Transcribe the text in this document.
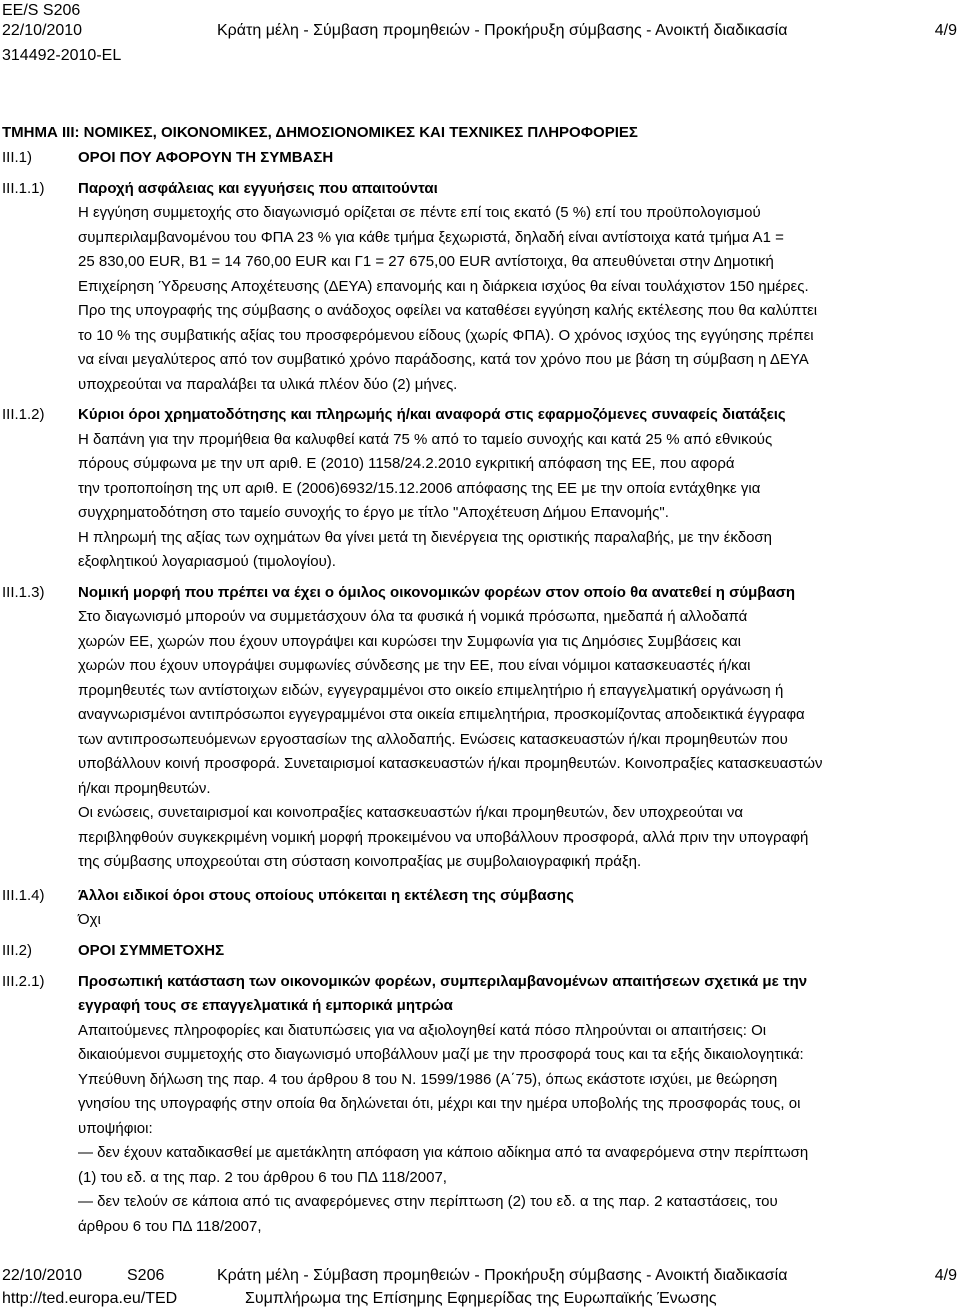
EE/S S206
22/10/2010	Κράτη μέλη - Σύμβαση προμηθειών - Προκήρυξη σύμβασης - Ανοικτή διαδικασία	4/9
314492-2010-EL
ΤΜΗΜΑ III: ΝΟΜΙΚΕΣ, ΟΙΚΟΝΟΜΙΚΕΣ, ΔΗΜΟΣΙΟΝΟΜΙΚΕΣ ΚΑΙ ΤΕΧΝΙΚΕΣ ΠΛΗΡΟΦΟΡΙΕΣ
III.1)	ΟΡΟΙ ΠΟΥ ΑΦΟΡΟΥΝ ΤΗ ΣΥΜΒΑΣΗ
III.1.1) Παροχή ασφάλειας και εγγυήσεις που απαιτούνται
Η εγγύηση συμμετοχής στο διαγωνισμό ορίζεται σε πέντε επί τοις εκατό (5 %) επί του προϋπολογισμού
συμπεριλαμβανομένου του ΦΠΑ 23 % για κάθε τμήμα ξεχωριστά, δηλαδή είναι αντίστοιχα κατά τμήμα Α1 =
25 830,00 EUR, Β1 = 14 760,00 EUR και Γ1 = 27 675,00 EUR αντίστοιχα, θα απευθύνεται στην Δημοτική
Επιχείρηση Ύδρευσης Αποχέτευσης (ΔΕΥΑ) επανομής και η διάρκεια ισχύος θα είναι τουλάχιστον 150 ημέρες.
Προ της υπογραφής της σύμβασης ο ανάδοχος οφείλει να καταθέσει εγγύηση καλής εκτέλεσης που θα καλύπτει
το 10 % της συμβατικής αξίας του προσφερόμενου είδους (χωρίς ΦΠΑ). Ο χρόνος ισχύος της εγγύησης πρέπει
να είναι μεγαλύτερος από τον συμβατικό χρόνο παράδοσης, κατά τον χρόνο που με βάση τη σύμβαση η ΔΕΥΑ
υποχρεούται να παραλάβει τα υλικά πλέον δύο (2) μήνες.
III.1.2) Κύριοι όροι χρηματοδότησης και πληρωμής ή/και αναφορά στις εφαρμοζόμενες συναφείς διατάξεις
Η δαπάνη για την προμήθεια θα καλυφθεί κατά 75 % από το ταμείο συνοχής και κατά 25 % από εθνικούς
πόρους σύμφωνα με την υπ αριθ. Ε (2010) 1158/24.2.2010 εγκριτική απόφαση της ΕΕ, που αφορά
την τροποποίηση της υπ αριθ. Ε (2006)6932/15.12.2006 απόφασης της ΕΕ με την οποία εντάχθηκε για
συγχρηματοδότηση στο ταμείο συνοχής το έργο με τίτλο "Αποχέτευση Δήμου Επανομής".
Η πληρωμή της αξίας των οχημάτων θα γίνει μετά τη διενέργεια της οριστικής παραλαβής, με την έκδοση
εξοφλητικού λογαριασμού (τιμολογίου).
III.1.3) Νομική μορφή που πρέπει να έχει ο όμιλος οικονομικών φορέων στον οποίο θα ανατεθεί η σύμβαση
Στο διαγωνισμό μπορούν να συμμετάσχουν όλα τα φυσικά ή νομικά πρόσωπα, ημεδαπά ή αλλοδαπά
χωρών ΕΕ, χωρών που έχουν υπογράψει και κυρώσει την Συμφωνία για τις Δημόσιες Συμβάσεις και
χωρών που έχουν υπογράψει συμφωνίες σύνδεσης με την ΕΕ, που είναι νόμιμοι κατασκευαστές ή/και
προμηθευτές των αντίστοιχων ειδών, εγγεγραμμένοι στο οικείο επιμελητήριο ή επαγγελματική οργάνωση ή
αναγνωρισμένοι αντιπρόσωποι εγγεγραμμένοι στα οικεία επιμελητήρια, προσκομίζοντας αποδεικτικά έγγραφα
των αντιπροσωπευόμενων εργοστασίων της αλλοδαπής. Ενώσεις κατασκευαστών ή/και προμηθευτών που
υποβάλλουν κοινή προσφορά. Συνεταιρισμοί κατασκευαστών ή/και προμηθευτών. Κοινοπραξίες κατασκευαστών
ή/και προμηθευτών.
Οι ενώσεις, συνεταιρισμοί και κοινοπραξίες κατασκευαστών ή/και προμηθευτών, δεν υποχρεούται να
περιβληφθούν συγκεκριμένη νομική μορφή προκειμένου να υποβάλλουν προσφορά, αλλά πριν την υπογραφή
της σύμβασης υποχρεούται στη σύσταση κοινοπραξίας με συμβολαιογραφική πράξη.
III.1.4) Άλλοι ειδικοί όροι στους οποίους υπόκειται η εκτέλεση της σύμβασης
Όχι
III.2)	ΟΡΟΙ ΣΥΜΜΕΤΟΧΗΣ
III.2.1) Προσωπική κατάσταση των οικονομικών φορέων, συμπεριλαμβανομένων απαιτήσεων σχετικά με την
εγγραφή τους σε επαγγελματικά ή εμπορικά μητρώα
Απαιτούμενες πληροφορίες και διατυπώσεις για να αξιολογηθεί κατά πόσο πληρούνται οι απαιτήσεις: Οι
δικαιούμενοι συμμετοχής στο διαγωνισμό υποβάλλουν μαζί με την προσφορά τους και τα εξής δικαιολογητικά:
Υπεύθυνη δήλωση της παρ. 4 του άρθρου 8 του Ν. 1599/1986 (Α΄75), όπως εκάστοτε ισχύει, με θεώρηση
γνησίου της υπογραφής στην οποία θα δηλώνεται ότι, μέχρι και την ημέρα υποβολής της προσφοράς τους, οι
υποψήφιοι:
— δεν έχουν καταδικασθεί με αμετάκλητη απόφαση για κάποιο αδίκημα από τα αναφερόμενα στην περίπτωση
(1) του εδ. α της παρ. 2 του άρθρου 6 του ΠΔ 118/2007,
— δεν τελούν σε κάποια από τις αναφερόμενες στην περίπτωση (2) του εδ. α της παρ. 2 καταστάσεις, του
άρθρου 6 του ΠΔ 118/2007,
22/10/2010	S206	Κράτη μέλη - Σύμβαση προμηθειών - Προκήρυξη σύμβασης - Ανοικτή διαδικασία	4/9
http://ted.europa.eu/TED	Συμπλήρωμα της Επίσημης Εφημερίδας της Ευρωπαϊκής Ένωσης
